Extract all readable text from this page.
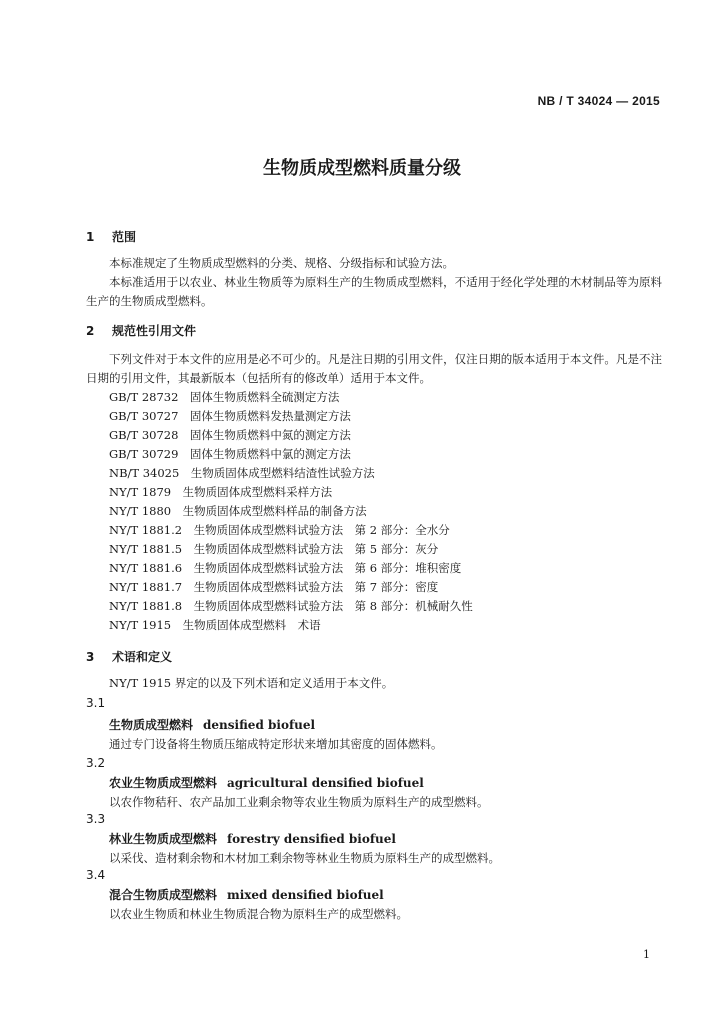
NB / T 34024 — 2015
生物质成型燃料质量分级
1 范围
本标准规定了生物质成型燃料的分类、规格、分级指标和试验方法。
本标准适用于以农业、林业生物质等为原料生产的生物质成型燃料，不适用于经化学处理的木材制品等为原料生产的生物质成型燃料。
2 规范性引用文件
下列文件对于本文件的应用是必不可少的。凡是注日期的引用文件，仅注日期的版本适用于本文件。凡是不注日期的引用文件，其最新版本（包括所有的修改单）适用于本文件。
GB/T 28732　固体生物质燃料全硫测定方法
GB/T 30727　固体生物质燃料发热量测定方法
GB/T 30728　固体生物质燃料中氮的测定方法
GB/T 30729　固体生物质燃料中氯的测定方法
NB/T 34025　生物质固体成型燃料结渣性试验方法
NY/T 1879　生物质固体成型燃料采样方法
NY/T 1880　生物质固体成型燃料样品的制备方法
NY/T 1881.2　生物质固体成型燃料试验方法　第 2 部分：全水分
NY/T 1881.5　生物质固体成型燃料试验方法　第 5 部分：灰分
NY/T 1881.6　生物质固体成型燃料试验方法　第 6 部分：堆积密度
NY/T 1881.7　生物质固体成型燃料试验方法　第 7 部分：密度
NY/T 1881.8　生物质固体成型燃料试验方法　第 8 部分：机械耐久性
NY/T 1915　生物质固体成型燃料　术语
3 术语和定义
NY/T 1915 界定的以及下列术语和定义适用于本文件。
3.1
生物质成型燃料 densified biofuel
通过专门设备将生物质压缩成特定形状来增加其密度的固体燃料。
3.2
农业生物质成型燃料 agricultural densified biofuel
以农作物秸秆、农产品加工业剩余物等农业生物质为原料生产的成型燃料。
3.3
林业生物质成型燃料 forestry densified biofuel
以采伐、造材剩余物和木材加工剩余物等林业生物质为原料生产的成型燃料。
3.4
混合生物质成型燃料 mixed densified biofuel
以农业生物质和林业生物质混合物为原料生产的成型燃料。
1
